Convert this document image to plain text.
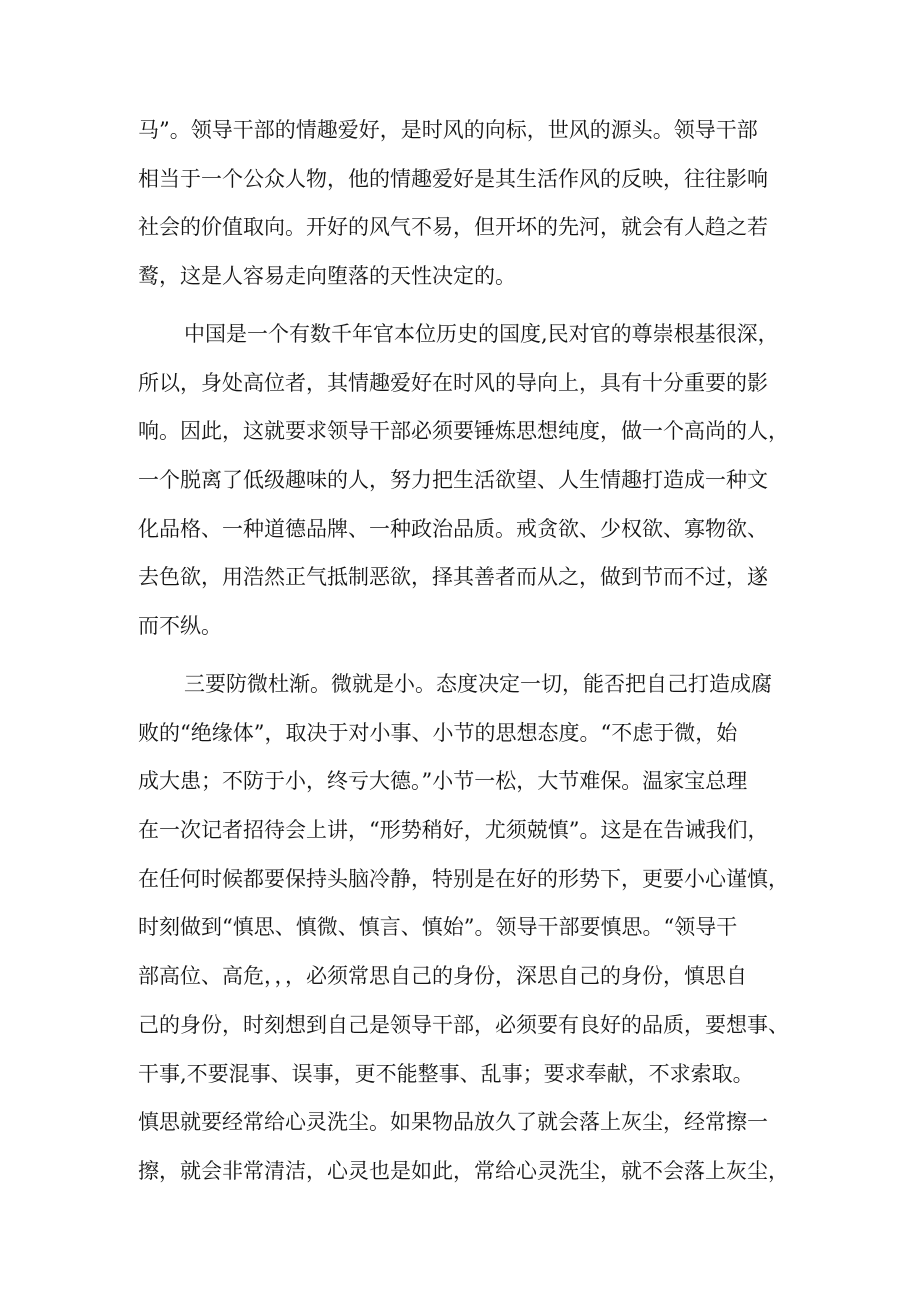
马”。领导干部的情趣爱好，是时风的向标，世风的源头。领导干部
相当于一个公众人物，他的情趣爱好是其生活作风的反映，往往影响
社会的价值取向。开好的风气不易，但开坏的先河，就会有人趋之若
鹜，这是人容易走向堕落的天性决定的。
中国是一个有数千年官本位历史的国度,民对官的尊崇根基很深，
所以，身处高位者，其情趣爱好在时风的导向上，具有十分重要的影
响。因此，这就要求领导干部必须要锤炼思想纯度，做一个高尚的人，
一个脱离了低级趣味的人，努力把生活欲望、人生情趣打造成一种文
化品格、一种道德品牌、一种政治品质。戒贪欲、少权欲、寡物欲、
去色欲，用浩然正气抵制恶欲，择其善者而从之，做到节而不过，遂
而不纵。
三要防微杜渐。微就是小。态度决定一切，能否把自己打造成腐
败的“绝缘体”，取决于对小事、小节的思想态度。“不虑于微，始
成大患；不防于小，终亏大德。”小节一松，大节难保。温家宝总理
在一次记者招待会上讲，“形势稍好，尤须兢慎”。这是在告诫我们，
在任何时候都要保持头脑冷静，特别是在好的形势下，更要小心谨慎，
时刻做到“慎思、慎微、慎言、慎始”。领导干部要慎思。“领导干
部高位、高危，，，必须常思自己的身份，深思自己的身份，慎思自
己的身份，时刻想到自己是领导干部，必须要有良好的品质，要想事、
干事,不要混事、误事，更不能整事、乱事；要求奉献，不求索取。
慎思就要经常给心灵洗尘。如果物品放久了就会落上灰尘，经常擦一
擦，就会非常清洁，心灵也是如此，常给心灵洗尘，就不会落上灰尘，
